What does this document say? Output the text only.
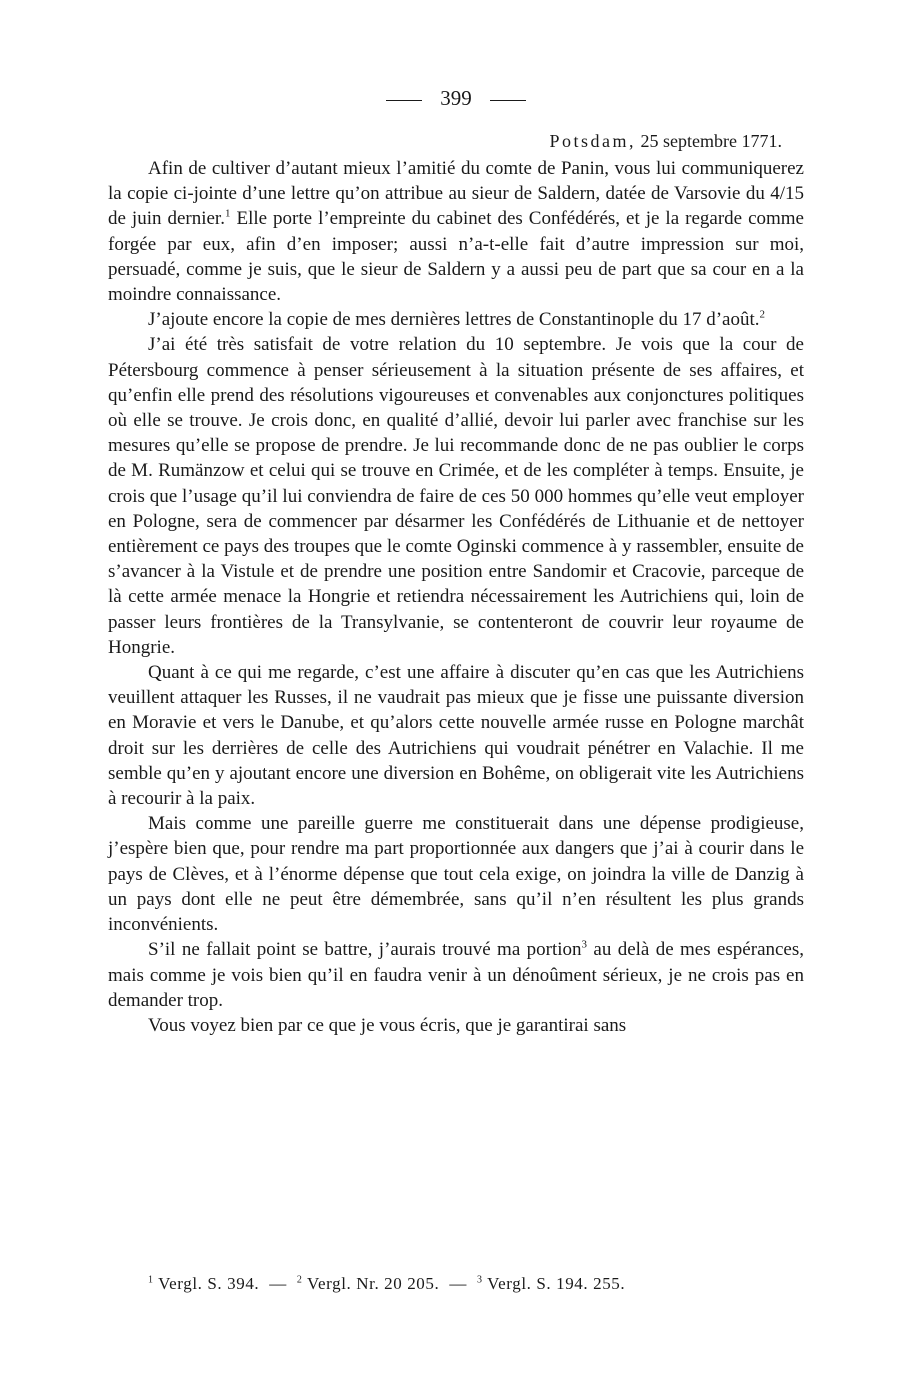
399
Potsdam, 25 septembre 1771.

Afin de cultiver d’autant mieux l’amitié du comte de Panin, vous lui communiquerez la copie ci-jointe d’une lettre qu’on attribue au sieur de Saldern, datée de Varsovie du 4/15 de juin dernier.$^1$ Elle porte l’empreinte du cabinet des Confédérés, et je la regarde comme forgée par eux, afin d’en imposer; aussi n’a-t-elle fait d’autre impression sur moi, persuadé, comme je suis, que le sieur de Saldern y a aussi peu de part que sa cour en a la moindre connaissance.

J’ajoute encore la copie de mes dernières lettres de Constantinople du 17 d’août.$^2$

J’ai été très satisfait de votre relation du 10 septembre. Je vois que la cour de Pétersbourg commence à penser sérieusement à la situation présente de ses affaires, et qu’enfin elle prend des résolutions vigoureuses et convenables aux conjonctures politiques où elle se trouve. Je crois donc, en qualité d’allié, devoir lui parler avec franchise sur les mesures qu’elle se propose de prendre. Je lui recommande donc de ne pas oublier le corps de M. Rumänzow et celui qui se trouve en Crimée, et de les compléter à temps. Ensuite, je crois que l’usage qu’il lui conviendra de faire de ces 50 000 hommes qu’elle veut employer en Pologne, sera de commencer par désarmer les Confédérés de Lithuanie et de nettoyer entièrement ce pays des troupes que le comte Oginski commence à y rassembler, ensuite de s’avancer à la Vistule et de prendre une position entre Sandomir et Cracovie, parceque de là cette armée menace la Hongrie et retiendra nécessairement les Autrichiens qui, loin de passer leurs frontières de la Transylvanie, se contenteront de couvrir leur royaume de Hongrie.

Quant à ce qui me regarde, c’est une affaire à discuter qu’en cas que les Autrichiens veuillent attaquer les Russes, il ne vaudrait pas mieux que je fisse une puissante diversion en Moravie et vers le Danube, et qu’alors cette nouvelle armée russe en Pologne marchât droit sur les derrières de celle des Autrichiens qui voudrait pénétrer en Valachie. Il me semble qu’en y ajoutant encore une diversion en Bohême, on obligerait vite les Autrichiens à recourir à la paix.

Mais comme une pareille guerre me constituerait dans une dépense prodigieuse, j’espère bien que, pour rendre ma part proportionnée aux dangers que j’ai à courir dans le pays de Clèves, et à l’énorme dépense que tout cela exige, on joindra la ville de Danzig à un pays dont elle ne peut être démembrée, sans qu’il n’en résultent les plus grands inconvénients.

S’il ne fallait point se battre, j’aurais trouvé ma portion$^3$ au delà de mes espérances, mais comme je vois bien qu’il en faudra venir à un dénoûment sérieux, je ne crois pas en demander trop.

Vous voyez bien par ce que je vous écris, que je garantirai sans

$^1$ Vergl. S. 394. — $^2$ Vergl. Nr. 20 205. — $^3$ Vergl. S. 194. 255.
